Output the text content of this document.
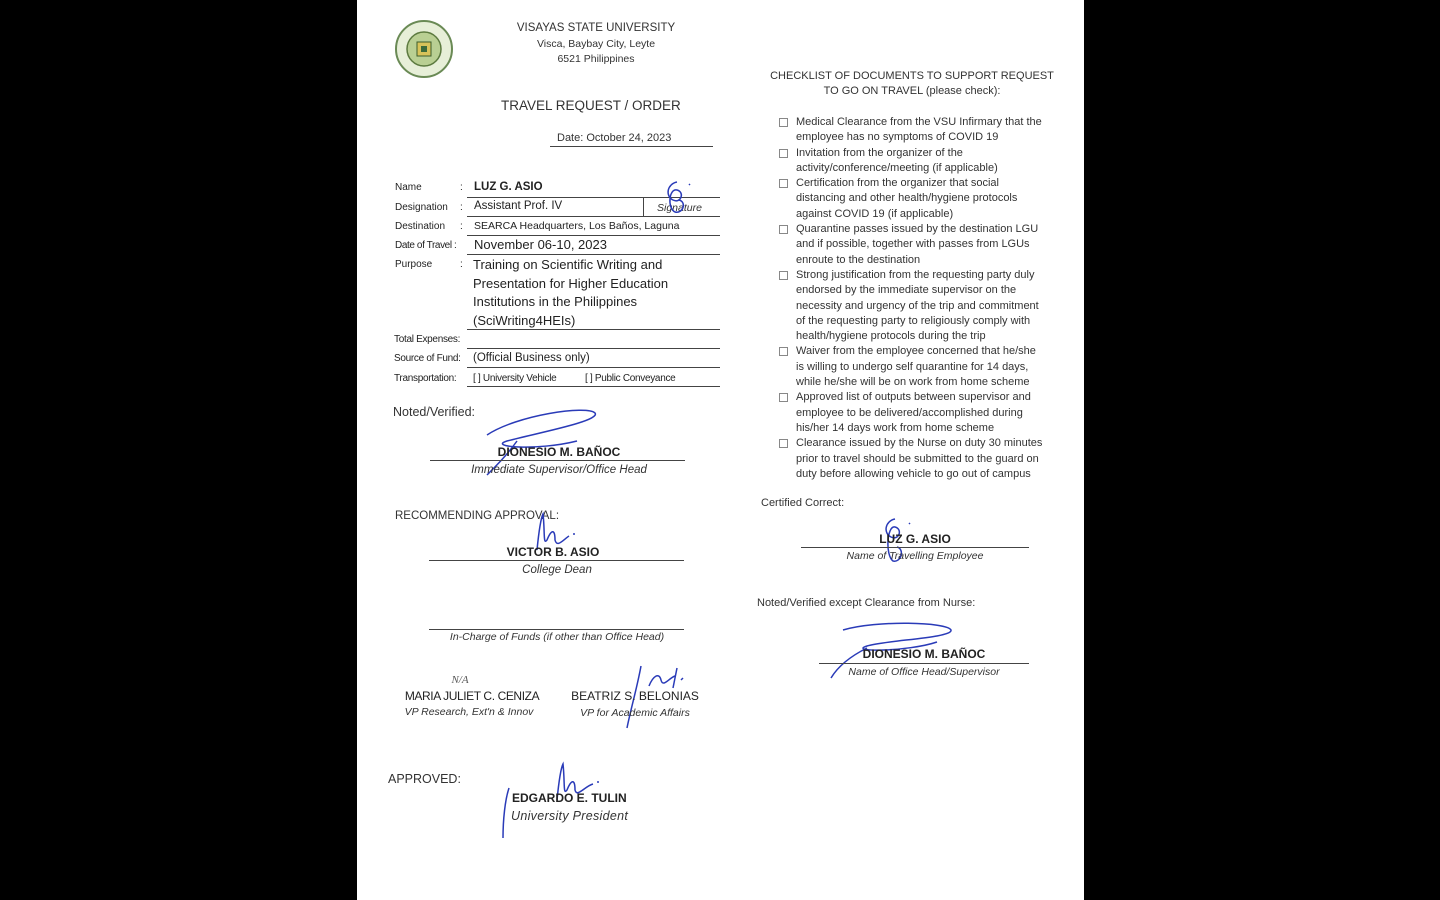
VISAYAS STATE UNIVERSITY
Visca, Baybay City, Leyte
6521 Philippines
TRAVEL REQUEST / ORDER
Date: October 24, 2023
Name	: LUZ G. ASIO
Designation : Assistant Prof. IV	Signature
Destination : SEARCA Headquarters, Los Baños, Laguna
Date of Travel : November 06-10, 2023
Purpose	: Training on Scientific Writing and
Presentation for Higher Education
Institutions in the Philippines
(SciWriting4HEIs)
Total Expenses:
Source of Fund: (Official Business only)
Transportation: [ ] University Vehicle	[ ] Public Conveyance
Noted/Verified:
DIONESIO M. BAÑOC
Immediate Supervisor/Office Head
RECOMMENDING APPROVAL:
VICTOR B. ASIO
College Dean
In-Charge of Funds (if other than Office Head)
N/A
MARIA JULIET C. CENIZA
VP Research, Ext'n & Innov
BEATRIZ S. BELONIAS
VP for Academic Affairs
APPROVED:
EDGARDO E. TULIN
University President
CHECKLIST OF DOCUMENTS TO SUPPORT REQUEST
TO GO ON TRAVEL (please check):
Medical Clearance from the VSU Infirmary that the
employee has no symptoms of COVID 19
Invitation from the organizer of the
activity/conference/meeting (if applicable)
Certification from the organizer that social
distancing and other health/hygiene protocols
against COVID 19 (if applicable)
Quarantine passes issued by the destination LGU
and if possible, together with passes from LGUs
enroute to the destination
Strong justification from the requesting party duly
endorsed by the immediate supervisor on the
necessity and urgency of the trip and commitment
of the requesting party to religiously comply with
health/hygiene protocols during the trip
Waiver from the employee concerned that he/she
is willing to undergo self quarantine for 14 days,
while he/she will be on work from home scheme
Approved list of outputs between supervisor and
employee to be delivered/accomplished during
his/her 14 days work from home scheme
Clearance issued by the Nurse on duty 30 minutes
prior to travel should be submitted to the guard on
duty before allowing vehicle to go out of campus
Certified Correct:
LUZ G. ASIO
Name of Travelling Employee
Noted/Verified except Clearance from Nurse:
DIONESIO M. BAÑOC
Name of Office Head/Supervisor
I
